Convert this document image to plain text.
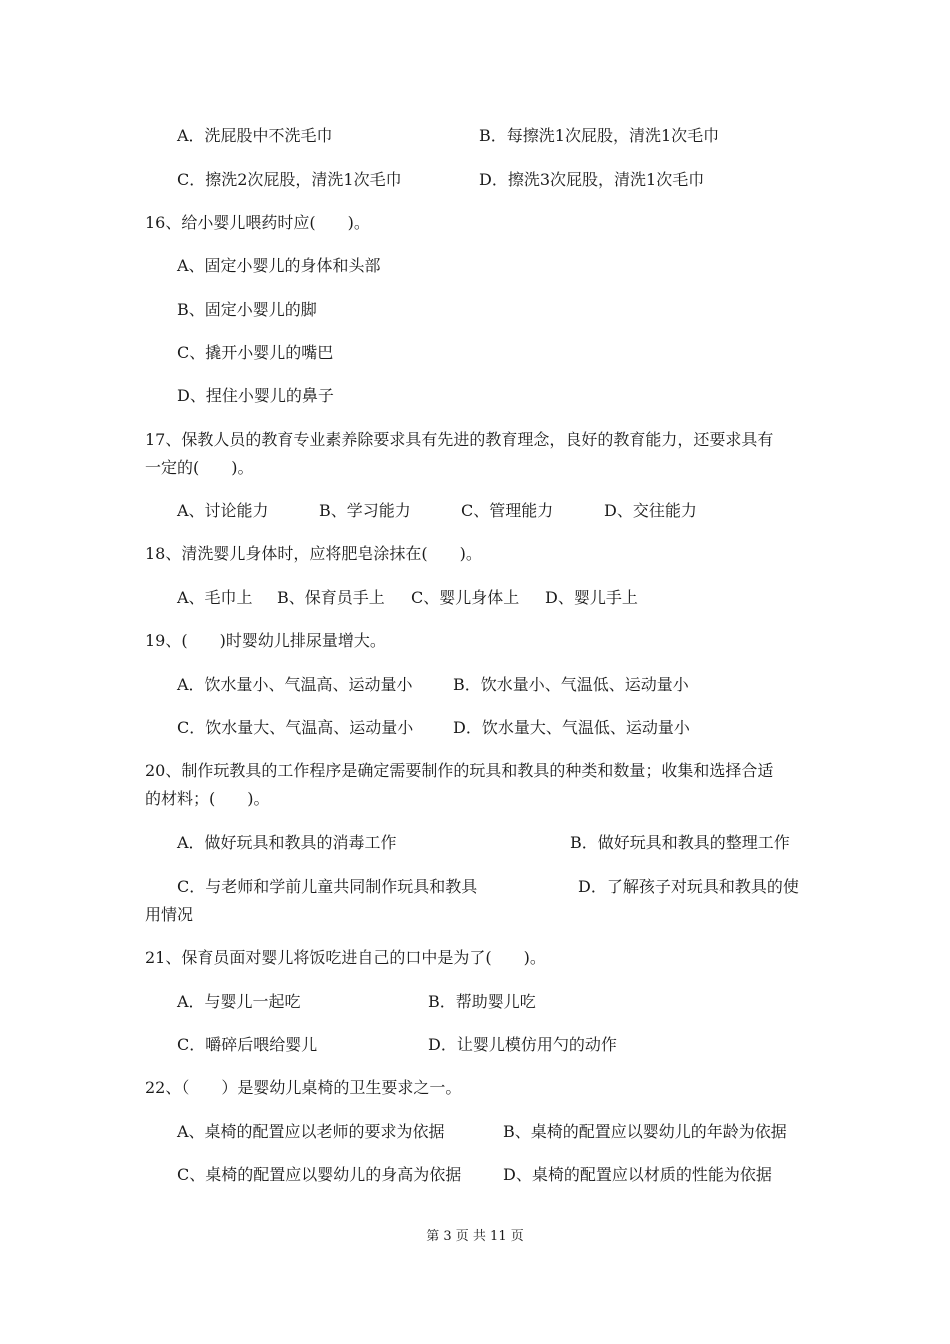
A．洗屁股中不洗毛巾	B．每擦洗1次屁股，清洗1次毛巾
C．擦洗2次屁股，清洗1次毛巾	D．擦洗3次屁股，清洗1次毛巾
16、给小婴儿喂药时应(　　)。
A、固定小婴儿的身体和头部
B、固定小婴儿的脚
C、撬开小婴儿的嘴巴
D、捏住小婴儿的鼻子
17、保教人员的教育专业素养除要求具有先进的教育理念，良好的教育能力，还要求具有
一定的(　　)。
A、讨论能力	B、学习能力	C、管理能力	D、交往能力
18、清洗婴儿身体时，应将肥皂涂抹在(　　)。
A、毛巾上 B、保育员手上 C、婴儿身体上 D、婴儿手上
19、(　　)时婴幼儿排尿量增大。
A．饮水量小、气温高、运动量小	B．饮水量小、气温低、运动量小
C．饮水量大、气温高、运动量小 D．饮水量大、气温低、运动量小
20、制作玩教具的工作程序是确定需要制作的玩具和教具的种类和数量；收集和选择合适
的材料；(　　)。
A．做好玩具和教具的消毒工作	B．做好玩具和教具的整理工作
C．与老师和学前儿童共同制作玩具和教具	D．了解孩子对玩具和教具的使
用情况
21、保育员面对婴儿将饭吃进自己的口中是为了(　　)。
A．与婴儿一起吃	B．帮助婴儿吃
C．嚼碎后喂给婴儿	D．让婴儿模仿用勺的动作
22、（　　）是婴幼儿桌椅的卫生要求之一。
A、桌椅的配置应以老师的要求为依据	B、桌椅的配置应以婴幼儿的年龄为依据
C、桌椅的配置应以婴幼儿的身高为依据	D、桌椅的配置应以材质的性能为依据
第 3 页 共 11 页
